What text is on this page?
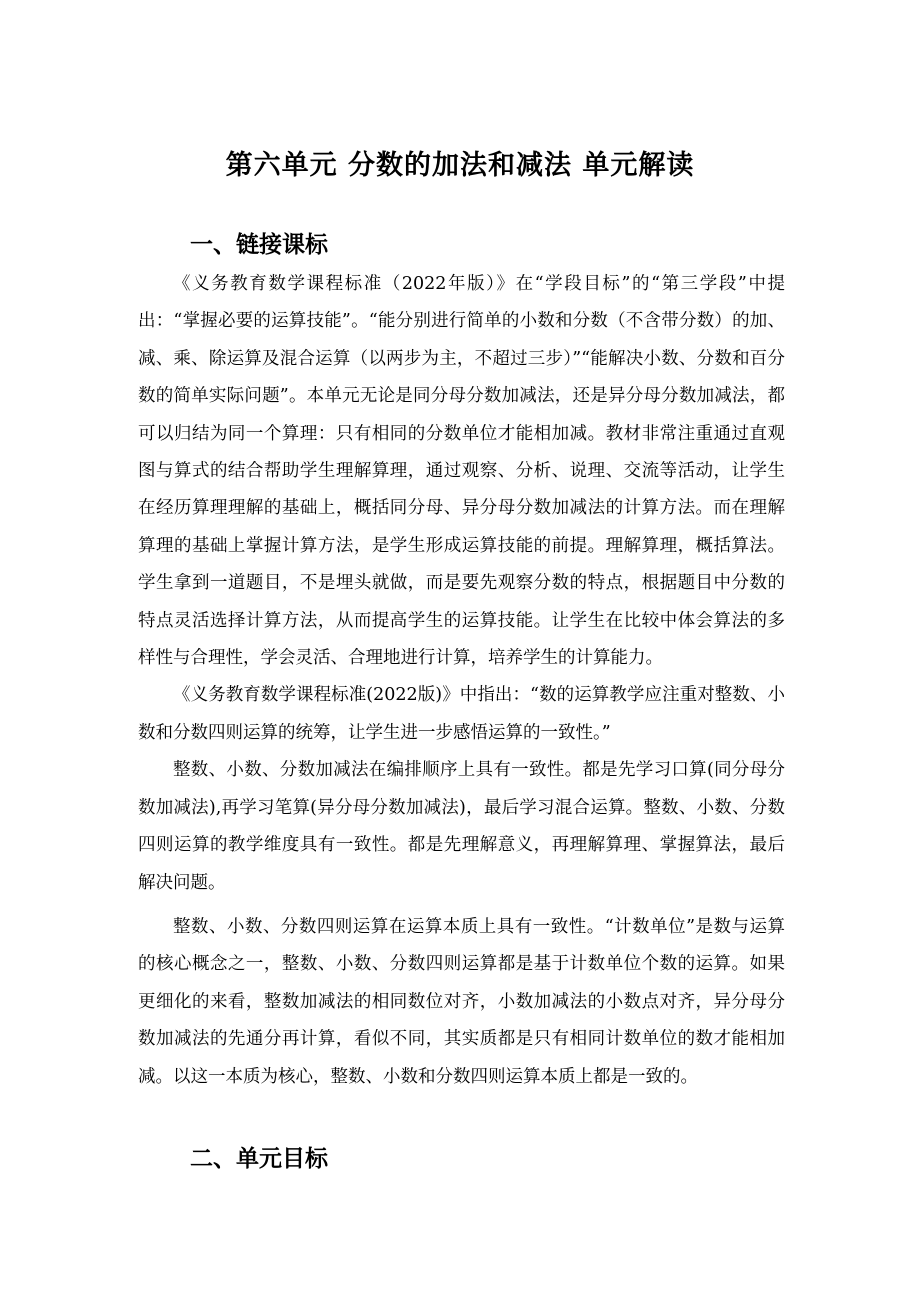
第六单元 分数的加法和减法 单元解读
一、链接课标

《义务教育数学课程标准（2022年版）》在“学段目标”的“第三学段”中提出：“掌握必要的运算技能”。“能分别进行简单的小数和分数（不含带分数）的加、减、乘、除运算及混合运算（以两步为主，不超过三步）”“能解决小数、分数和百分数的简单实际问题”。本单元无论是同分母分数加减法，还是异分母分数加减法，都可以归结为同一个算理：只有相同的分数单位才能相加减。教材非常注重通过直观图与算式的结合帮助学生理解算理，通过观察、分析、说理、交流等活动，让学生在经历算理理解的基础上，概括同分母、异分母分数加减法的计算方法。而在理解算理的基础上掌握计算方法，是学生形成运算技能的前提。理解算理，概括算法。学生拿到一道题目，不是埋头就做，而是要先观察分数的特点，根据题目中分数的特点灵活选择计算方法，从而提高学生的运算技能。让学生在比较中体会算法的多样性与合理性，学会灵活、合理地进行计算，培养学生的计算能力。

《义务教育数学课程标准(2022版)》中指出：“数的运算教学应注重对整数、小数和分数四则运算的统筹，让学生进一步感悟运算的一致性。”

整数、小数、分数加减法在编排顺序上具有一致性。都是先学习口算(同分母分数加减法),再学习笔算(异分母分数加减法)，最后学习混合运算。整数、小数、分数四则运算的教学维度具有一致性。都是先理解意义，再理解算理、掌握算法，最后解决问题。

整数、小数、分数四则运算在运算本质上具有一致性。“计数单位”是数与运算的核心概念之一，整数、小数、分数四则运算都是基于计数单位个数的运算。如果更细化的来看，整数加减法的相同数位对齐，小数加减法的小数点对齐，异分母分数加减法的先通分再计算，看似不同，其实质都是只有相同计数单位的数才能相加减。以这一本质为核心，整数、小数和分数四则运算本质上都是一致的。

二、单元目标
